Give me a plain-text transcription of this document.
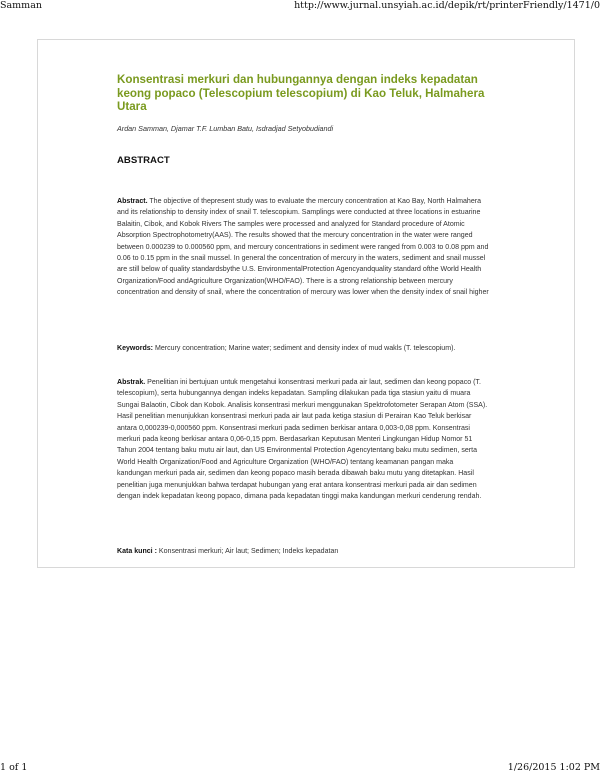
Samman	http://www.jurnal.unsyiah.ac.id/depik/rt/printerFriendly/1471/0
Konsentrasi merkuri dan hubungannya dengan indeks kepadatan keong popaco (Telescopium telescopium) di Kao Teluk, Halmahera Utara
Ardan Samman, Djamar T.F. Lumban Batu, Isdradjad Setyobudiandi
ABSTRACT

Abstract. The objective of thepresent study was to evaluate the mercury concentration at Kao Bay, North Halmahera and its relationship to density index of snail T. telescopium. Samplings were conducted at three locations in estuarine Balaitin, Cibok, and Kobok Rivers The samples were processed and analyzed for Standard procedure of Atomic Absorption Spectrophotometry(AAS). The results showed that the mercury concentration in the water were ranged between 0.000239 to 0.000560 ppm, and mercury concentrations in sediment were ranged from 0.003 to 0.08 ppm and 0.06 to 0.15 ppm in the snail mussel. In general the concentration of mercury in the waters, sediment and snail mussel are still below of quality standardsbythe U.S. EnvironmentalProtection Agencyandquality standard ofthe World Health Organization/Food andAgriculture Organization(WHO/FAO). There is a strong relationship between mercury concentration and density of snail, where the concentration of mercury was lower when the density index of snail higher

Keywords: Mercury concentration; Marine water; sediment and density index of mud wakls (T. telescopium).

Abstrak. Penelitian ini bertujuan untuk mengetahui konsentrasi merkuri pada air laut, sedimen dan keong popaco (T. telescopium), serta hubungannya dengan indeks kepadatan. Sampling dilakukan pada tiga stasiun yaitu di muara Sungai Balaotin, Cibok dan Kobok. Analisis konsentrasi merkuri menggunakan Spektrofotometer Serapan Atom (SSA). Hasil penelitian menunjukkan konsentrasi merkuri pada air laut pada ketiga stasiun di Perairan Kao Teluk berkisar antara 0,000239-0,000560 ppm. Konsentrasi merkuri pada sedimen berkisar antara 0,003-0,08 ppm. Konsentrasi merkuri pada keong berkisar antara 0,06-0,15 ppm. Berdasarkan Keputusan Menteri Lingkungan Hidup Nomor 51 Tahun 2004 tentang baku mutu air laut, dan US Environmental Protection Agencytentang baku mutu sedimen, serta World Health Organization/Food and Agriculture Organization (WHO/FAO) tentang keamanan pangan maka kandungan merkuri pada air, sedimen dan keong popaco masih berada dibawah baku mutu yang ditetapkan. Hasil penelitian juga menunjukkan bahwa terdapat hubungan yang erat antara konsentrasi merkuri pada air dan sedimen dengan indek kepadatan keong popaco, dimana pada kepadatan tinggi maka kandungan merkuri cenderung rendah.

Kata kunci : Konsentrasi merkuri; Air laut; Sedimen; Indeks kepadatan

1 of 1	1/26/2015 1:02 PM
